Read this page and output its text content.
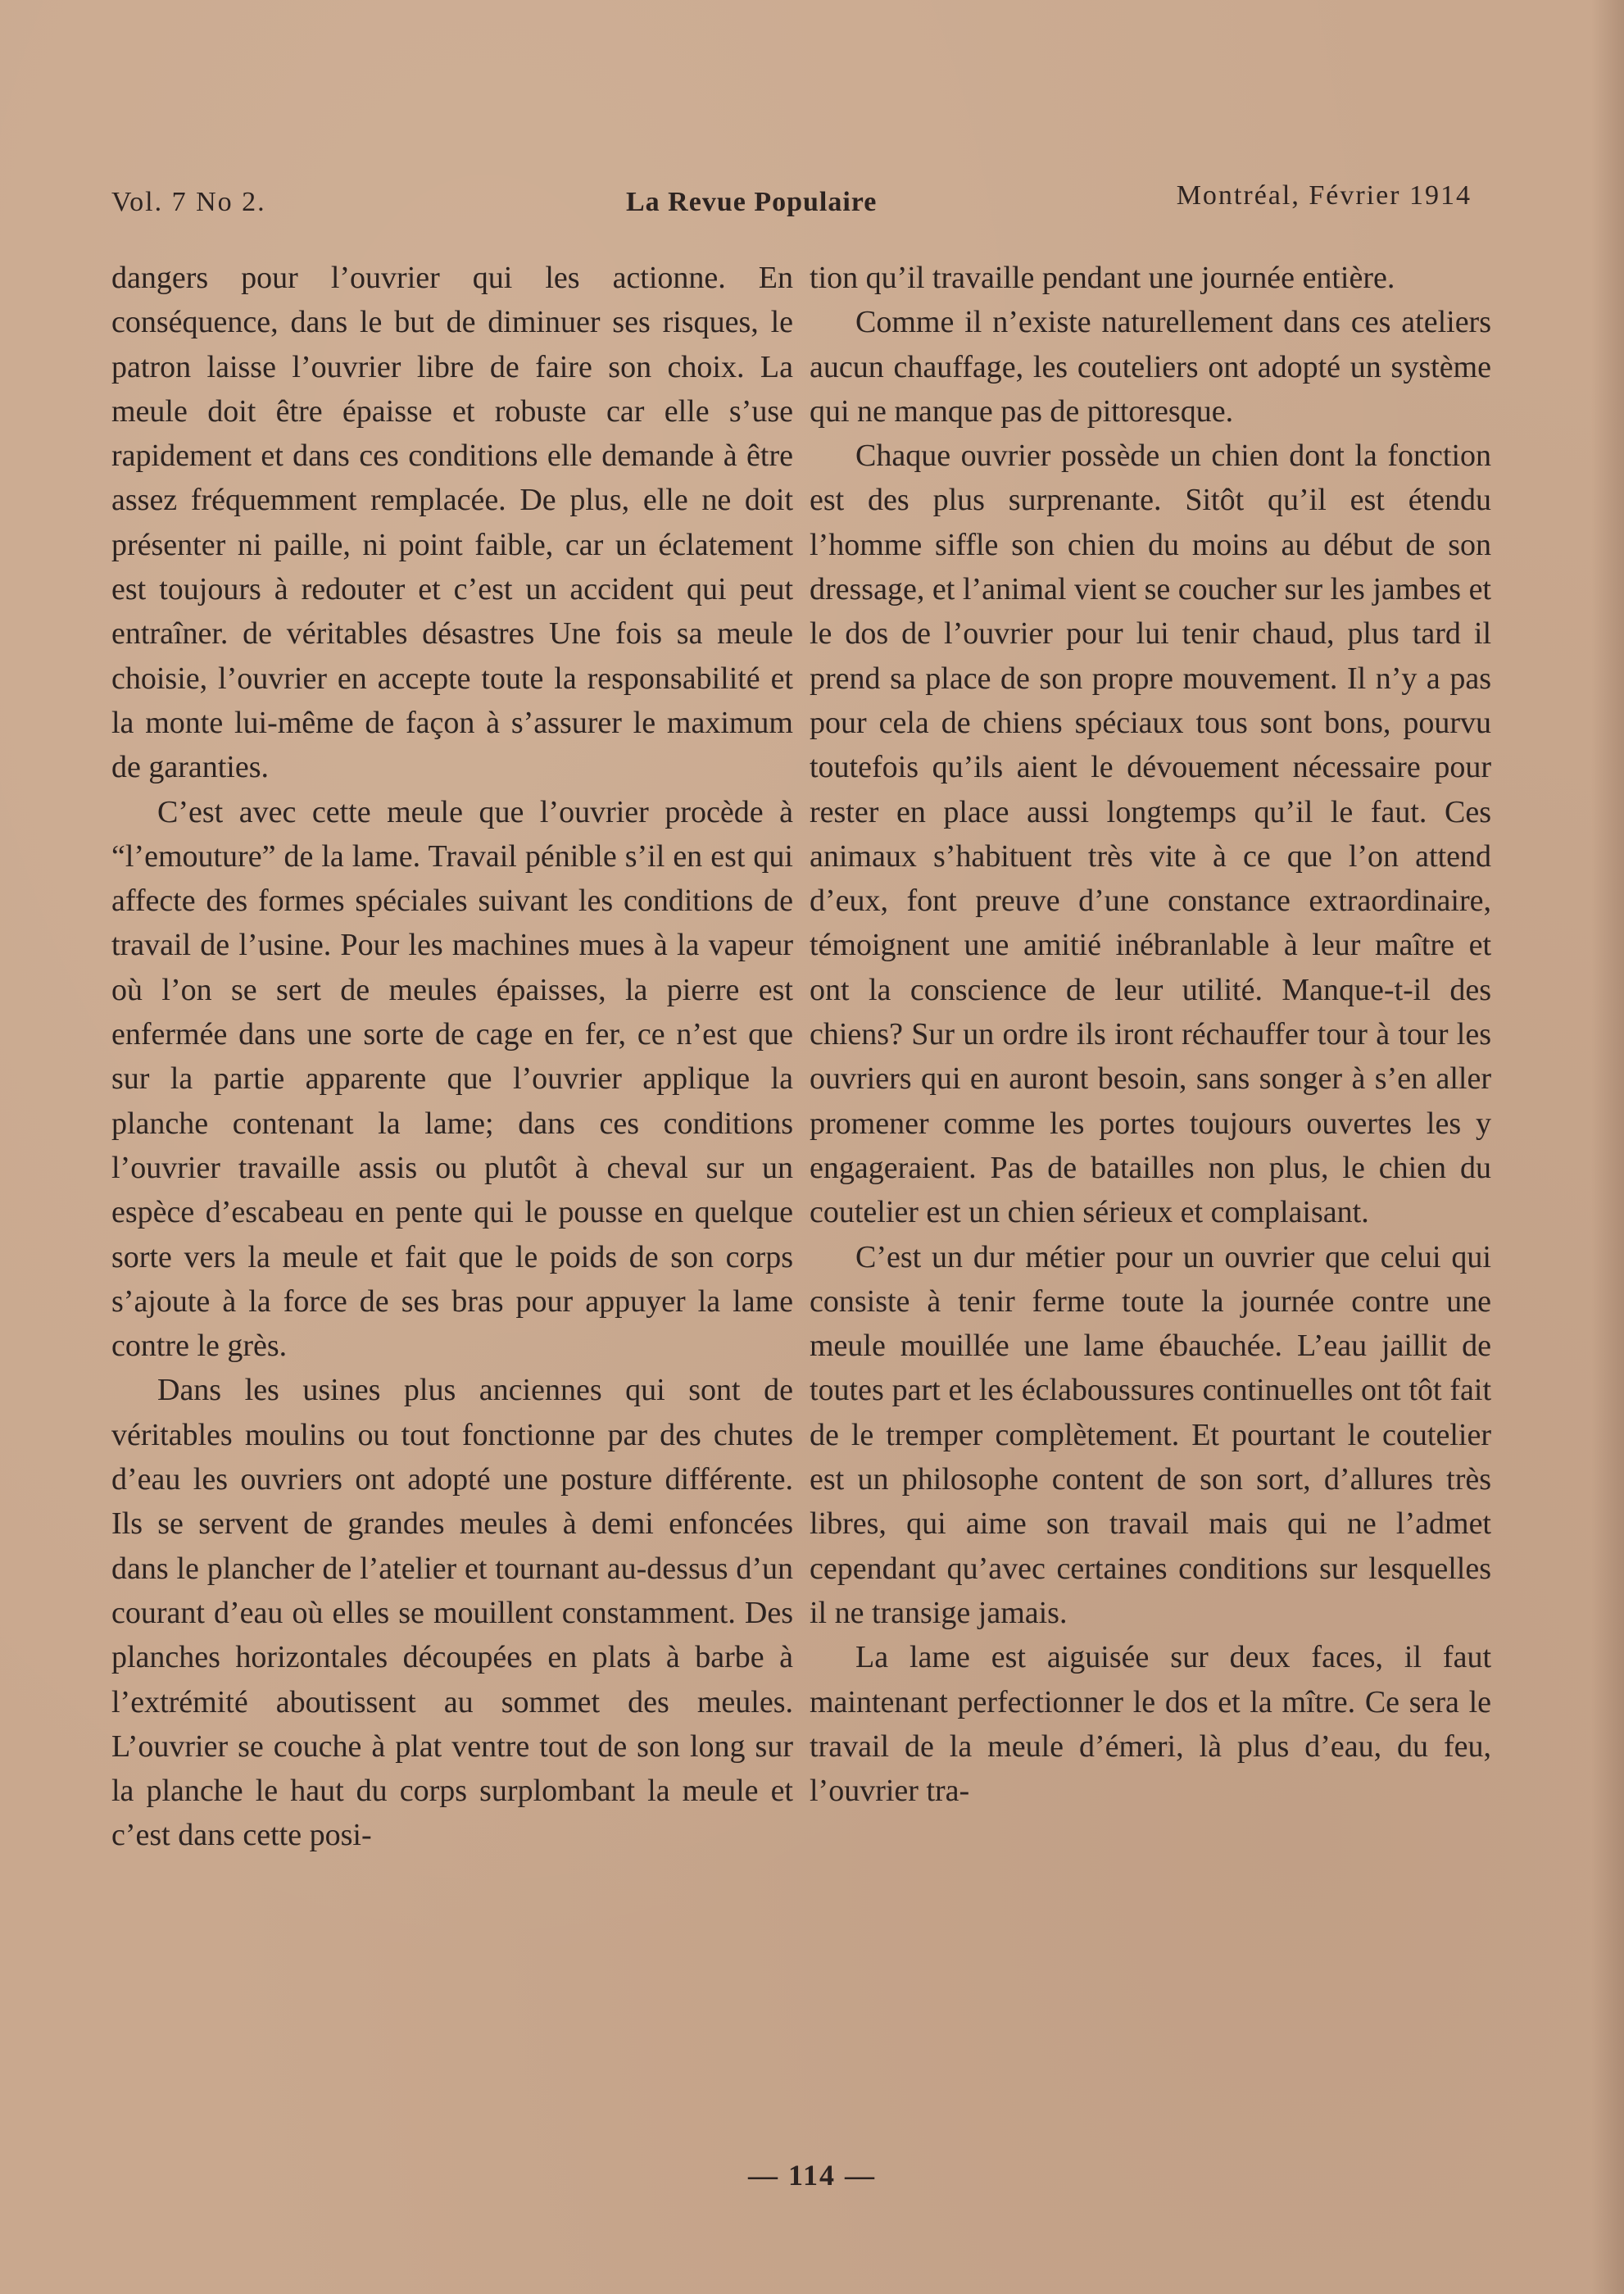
Vol. 7 No 2.	La Revue Populaire	Montréal, Février 1914

dangers pour l’ouvrier qui les actionne. En conséquence, dans le but de diminuer ses risques, le patron laisse l’ouvrier libre de faire son choix. La meule doit être épaisse et robuste car elle s’use rapidement et dans ces conditions elle demande à être assez fréquemment remplacée. De plus, elle ne doit présenter ni paille, ni point faible, car un éclatement est toujours à redouter et c’est un accident qui peut entraîner. de véritables désastres Une fois sa meule choisie, l’ouvrier en accepte toute la responsabilité et la monte lui-même de façon à s’assurer le maximum de garanties.

C’est avec cette meule que l’ouvrier procède à “l’emouture” de la lame. Travail pénible s’il en est qui affecte des formes spéciales suivant les conditions de travail de l’usine. Pour les machines mues à la vapeur où l’on se sert de meules épaisses, la pierre est enfermée dans une sorte de cage en fer, ce n’est que sur la partie apparente que l’ouvrier applique la planche contenant la lame; dans ces conditions l’ouvrier travaille assis ou plutôt à cheval sur un espèce d’escabeau en pente qui le pousse en quelque sorte vers la meule et fait que le poids de son corps s’ajoute à la force de ses bras pour appuyer la lame contre le grès.

Dans les usines plus anciennes qui sont de véritables moulins ou tout fonctionne par des chutes d’eau les ouvriers ont adopté une posture différente. Ils se servent de grandes meules à demi enfoncées dans le plancher de l’atelier et tournant au-dessus d’un courant d’eau où elles se mouillent constamment. Des planches horizontales découpées en plats à barbe à l’extrémité aboutissent au sommet des meules. L’ouvrier se couche à plat ventre tout de son long sur la planche le haut du corps surplombant la meule et c’est dans cette posi-

tion qu’il travaille pendant une journée entière.

Comme il n’existe naturellement dans ces ateliers aucun chauffage, les couteliers ont adopté un système qui ne manque pas de pittoresque.

Chaque ouvrier possède un chien dont la fonction est des plus surprenante. Sitôt qu’il est étendu l’homme siffle son chien du moins au début de son dressage, et l’animal vient se coucher sur les jambes et le dos de l’ouvrier pour lui tenir chaud, plus tard il prend sa place de son propre mouvement. Il n’y a pas pour cela de chiens spéciaux tous sont bons, pourvu toutefois qu’ils aient le dévouement nécessaire pour rester en place aussi longtemps qu’il le faut. Ces animaux s’habituent très vite à ce que l’on attend d’eux, font preuve d’une constance extraordinaire, témoignent une amitié inébranlable à leur maître et ont la conscience de leur utilité. Manque-t-il des chiens? Sur un ordre ils iront réchauffer tour à tour les ouvriers qui en auront besoin, sans songer à s’en aller promener comme les portes toujours ouvertes les y engageraient. Pas de batailles non plus, le chien du coutelier est un chien sérieux et complaisant.

C’est un dur métier pour un ouvrier que celui qui consiste à tenir ferme toute la journée contre une meule mouillée une lame ébauchée. L’eau jaillit de toutes part et les éclaboussures continuelles ont tôt fait de le tremper complètement. Et pourtant le coutelier est un philosophe content de son sort, d’allures très libres, qui aime son travail mais qui ne l’admet cependant qu’avec certaines conditions sur lesquelles il ne transige jamais.

La lame est aiguisée sur deux faces, il faut maintenant perfectionner le dos et la mître. Ce sera le travail de la meule d’émeri, là plus d’eau, du feu, l’ouvrier tra-

— 114 —
